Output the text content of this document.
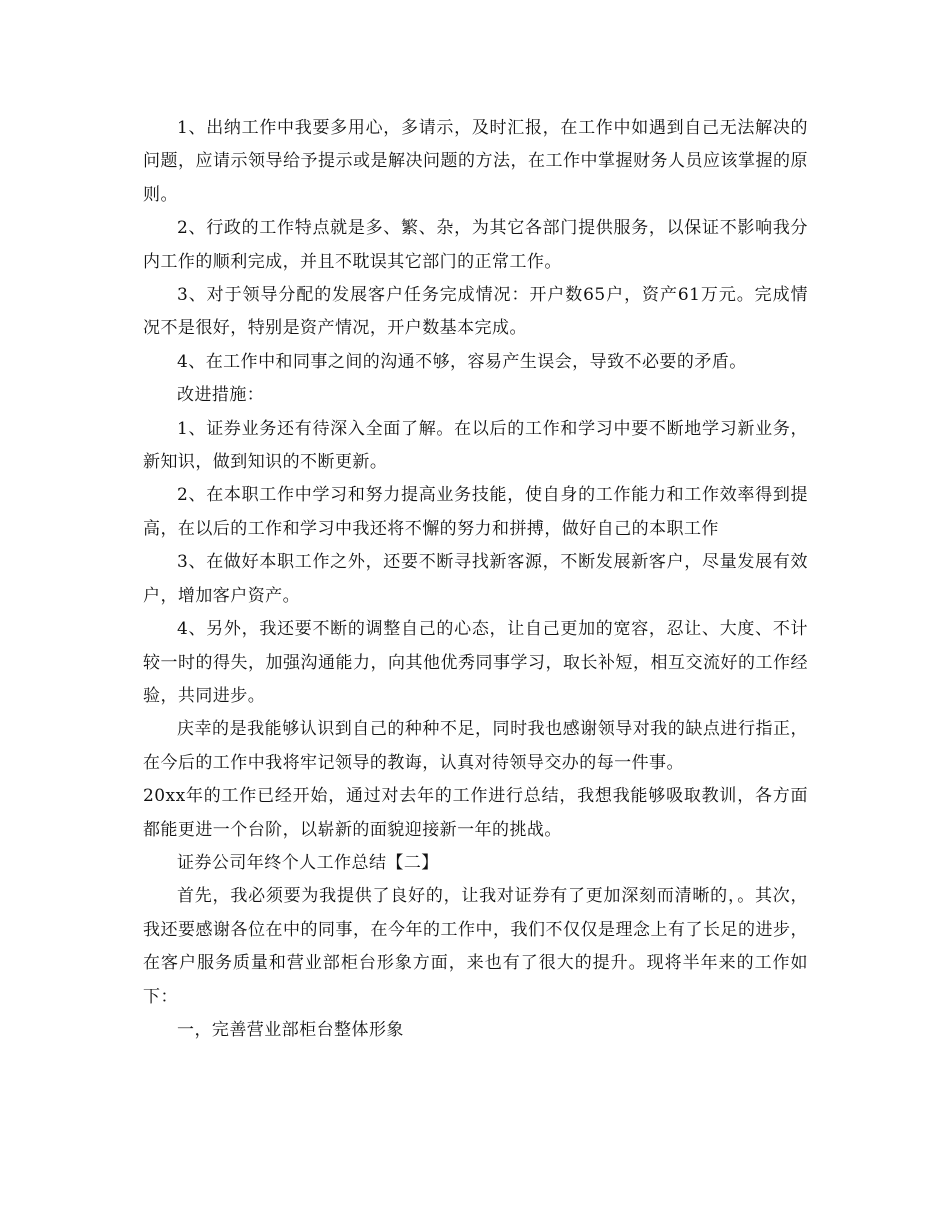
1、出纳工作中我要多用心，多请示，及时汇报，在工作中如遇到自己无法解决的问题，应请示领导给予提示或是解决问题的方法，在工作中掌握财务人员应该掌握的原则。

2、行政的工作特点就是多、繁、杂，为其它各部门提供服务，以保证不影响我分内工作的顺利完成，并且不耽误其它部门的正常工作。

3、对于领导分配的发展客户任务完成情况：开户数65户，资产61万元。完成情况不是很好，特别是资产情况，开户数基本完成。

4、在工作中和同事之间的沟通不够，容易产生误会，导致不必要的矛盾。

改进措施：

1、证券业务还有待深入全面了解。在以后的工作和学习中要不断地学习新业务，新知识，做到知识的不断更新。

2、在本职工作中学习和努力提高业务技能，使自身的工作能力和工作效率得到提高，在以后的工作和学习中我还将不懈的努力和拼搏，做好自己的本职工作

3、在做好本职工作之外，还要不断寻找新客源，不断发展新客户，尽量发展有效户，增加客户资产。

4、另外，我还要不断的调整自己的心态，让自己更加的宽容，忍让、大度、不计较一时的得失，加强沟通能力，向其他优秀同事学习，取长补短，相互交流好的工作经验，共同进步。

庆幸的是我能够认识到自己的种种不足，同时我也感谢领导对我的缺点进行指正，在今后的工作中我将牢记领导的教诲，认真对待领导交办的每一件事。

20xx年的工作已经开始，通过对去年的工作进行总结，我想我能够吸取教训，各方面都能更进一个台阶，以崭新的面貌迎接新一年的挑战。

证券公司年终个人工作总结【二】

首先，我必须要为我提供了良好的，让我对证券有了更加深刻而清晰的，。其次，我还要感谢各位在中的同事，在今年的工作中，我们不仅仅是理念上有了长足的进步，在客户服务质量和营业部柜台形象方面，来也有了很大的提升。现将半年来的工作如下：

一，完善营业部柜台整体形象
